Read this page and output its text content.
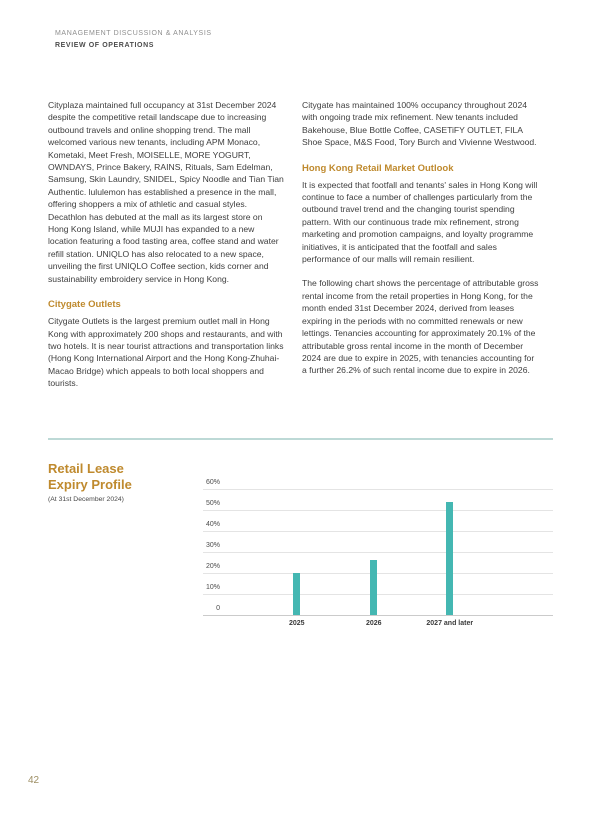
MANAGEMENT DISCUSSION & ANALYSIS
REVIEW OF OPERATIONS

Cityplaza maintained full occupancy at 31st December 2024 despite the competitive retail landscape due to increasing outbound travels and online shopping trend. The mall welcomed various new tenants, including APM Monaco, Kometaki, Meet Fresh, MOISELLE, MORE YOGURT, OWNDAYS, Prince Bakery, RAINS, Rituals, Sam Edelman, Samsung, Skin Laundry, SNIDEL, Spicy Noodle and Tian Tian Authentic. lululemon has established a presence in the mall, offering shoppers a mix of athletic and casual styles. Decathlon has debuted at the mall as its largest store on Hong Kong Island, while MUJI has expanded to a new location featuring a food tasting area, coffee stand and water refill station. UNIQLO has also relocated to a new space, unveiling the first UNIQLO Coffee section, kids corner and sustainability embroidery service in Hong Kong.

Citygate Outlets

Citygate Outlets is the largest premium outlet mall in Hong Kong with approximately 200 shops and restaurants, and with two hotels. It is near tourist attractions and transportation links (Hong Kong International Airport and the Hong Kong-Zhuhai-Macao Bridge) which appeals to both local shoppers and tourists.

Citygate has maintained 100% occupancy throughout 2024 with ongoing trade mix refinement. New tenants included Bakehouse, Blue Bottle Coffee, CASETiFY OUTLET, FILA Shoe Space, M&S Food, Tory Burch and Vivienne Westwood.

Hong Kong Retail Market Outlook

It is expected that footfall and tenants' sales in Hong Kong will continue to face a number of challenges particularly from the outbound travel trend and the changing tourist spending pattern. With our continuous trade mix refinement, strong marketing and promotion campaigns, and loyalty programme initiatives, it is anticipated that the footfall and sales performance of our malls will remain resilient.

The following chart shows the percentage of attributable gross rental income from the retail properties in Hong Kong, for the month ended 31st December 2024, derived from leases expiring in the periods with no committed renewals or new lettings. Tenancies accounting for approximately 20.1% of the attributable gross rental income in the month of December 2024 are due to expire in 2025, with tenancies accounting for a further 26.2% of such rental income due to expire in 2026.

Retail Lease Expiry Profile
(At 31st December 2024)
60%
50%
40%
30%
20%
10%
0
2025	2026	2027 and later
42
